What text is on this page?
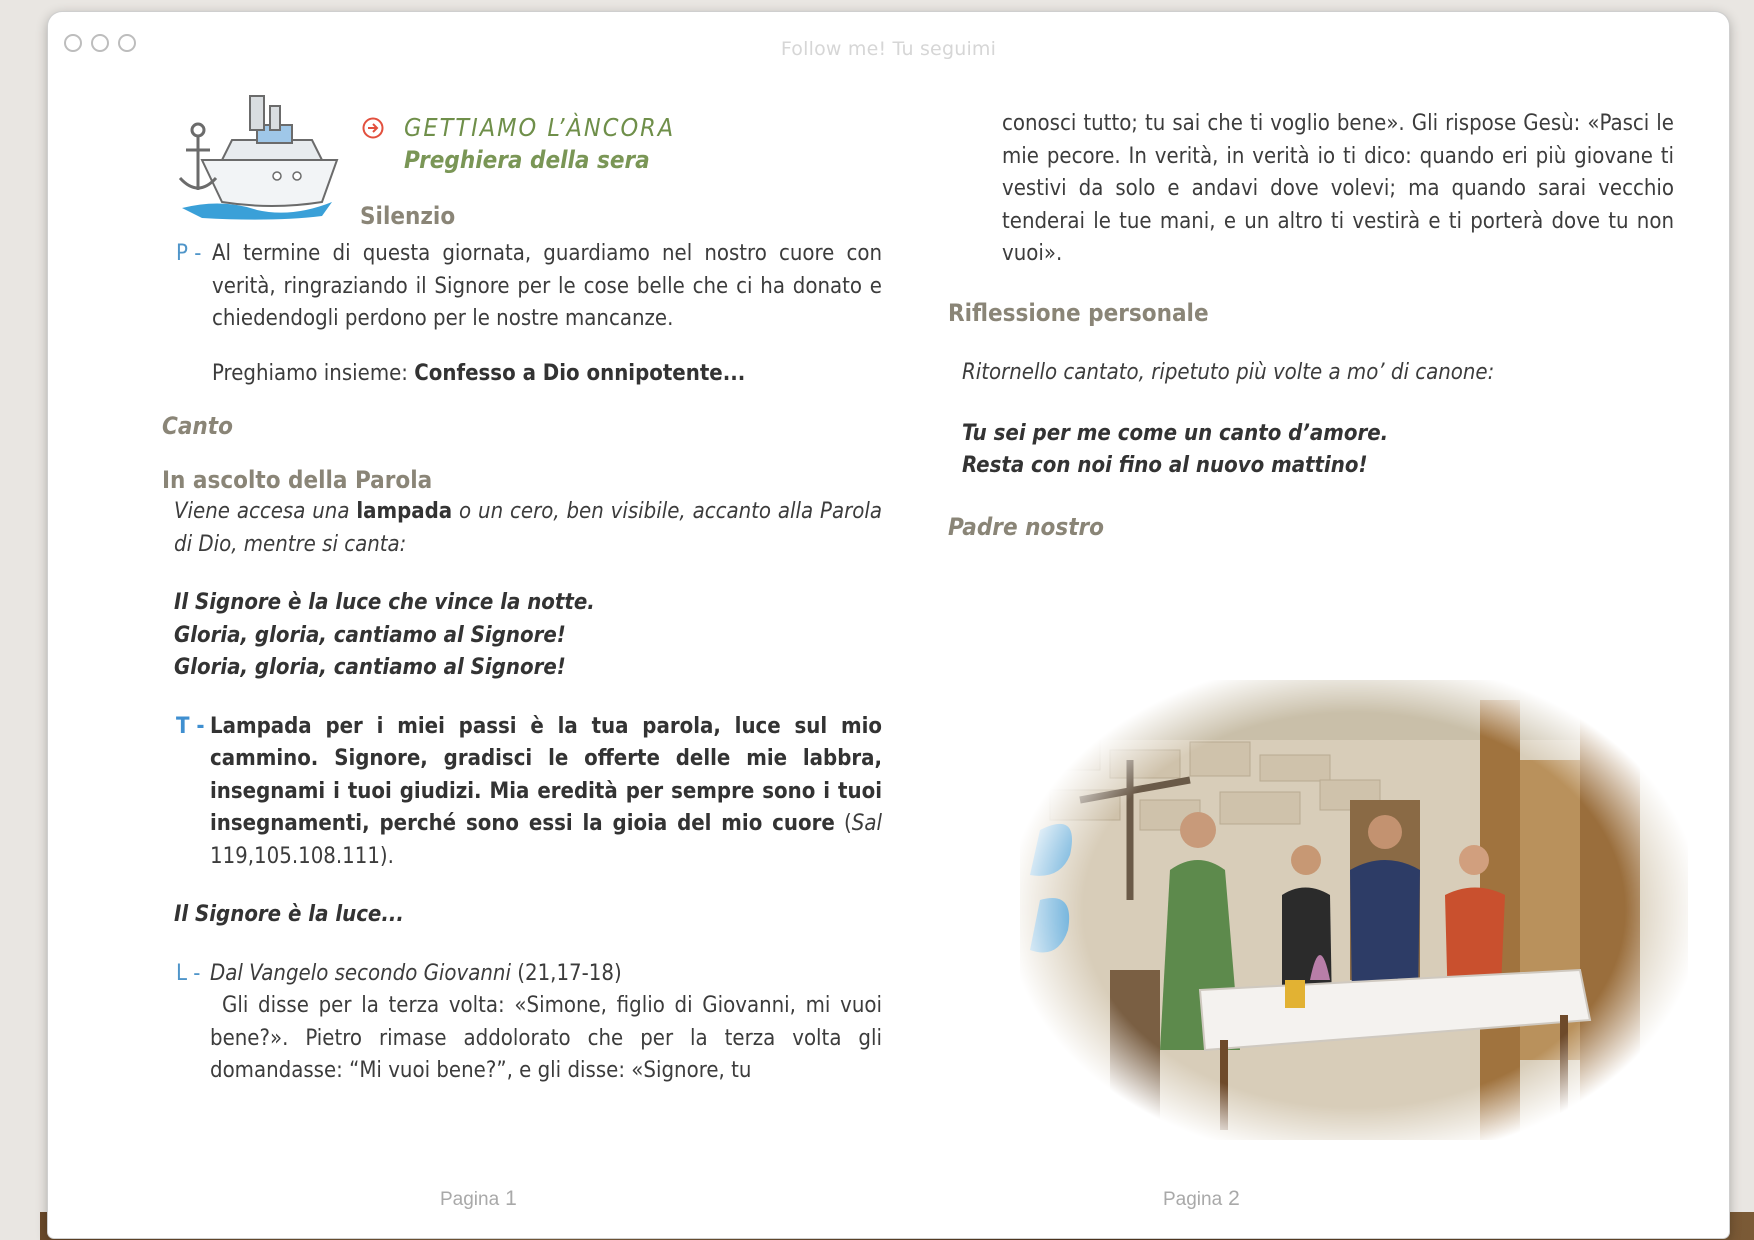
Follow me! Tu seguimi
GETTIAMO L’ÀNCORA
Preghiera della sera
Silenzio

P - Al termine di questa giornata, guardiamo nel nostro cuore con verità, ringraziando il Signore per le cose belle che ci ha donato e chiedendogli perdono per le nostre mancanze.

Preghiamo insieme: Confesso a Dio onnipotente...

Canto

In ascolto della Parola

Viene accesa una lampada o un cero, ben visibile, accanto alla Parola di Dio, mentre si canta:

Il Signore è la luce che vince la notte.
Gloria, gloria, cantiamo al Signore!
Gloria, gloria, cantiamo al Signore!

T - Lampada per i miei passi è la tua parola, luce sul mio cammino. Signore, gradisci le offerte delle mie labbra, insegnami i tuoi giudizi. Mia eredità per sempre sono i tuoi insegnamenti, perché sono essi la gioia del mio cuore (Sal 119,105.108.111).

Il Signore è la luce...

L - Dal Vangelo secondo Giovanni (21,17-18)
Gli disse per la terza volta: «Simone, figlio di Giovanni, mi vuoi bene?». Pietro rimase addolorato che per la terza volta gli domandasse: “Mi vuoi bene?”, e gli disse: «Signore, tu

Pagina 1

conosci tutto; tu sai che ti voglio bene». Gli rispose Gesù: «Pasci le mie pecore. In verità, in verità io ti dico: quando eri più giovane ti vestivi da solo e andavi dove volevi; ma quando sarai vecchio tenderai le tue mani, e un altro ti vestirà e ti porterà dove tu non vuoi».

Riflessione personale

Ritornello cantato, ripetuto più volte a mo’ di canone:

Tu sei per me come un canto d’amore.
Resta con noi fino al nuovo mattino!

Padre nostro

Pagina 2
